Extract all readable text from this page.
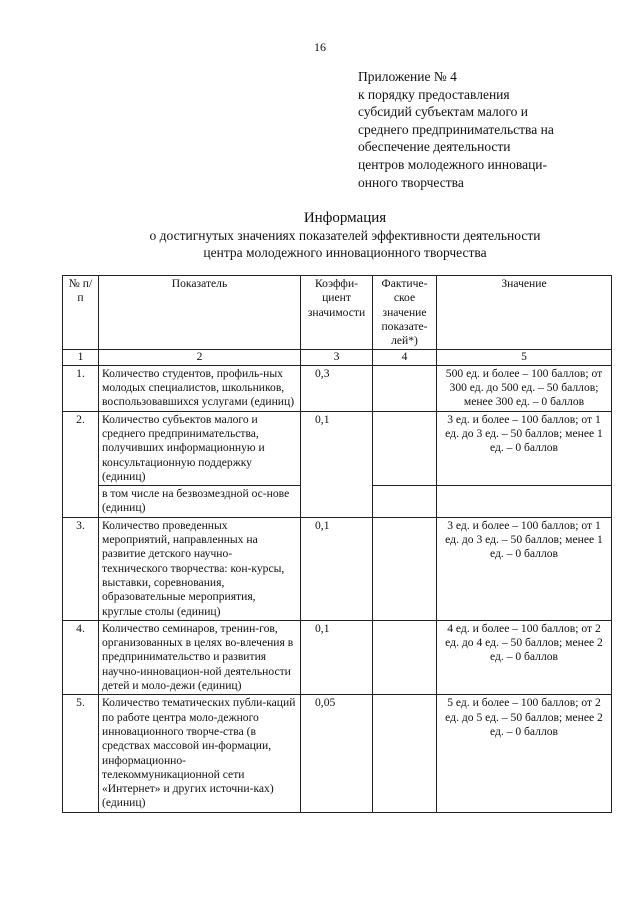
16
Приложение № 4
к порядку предоставления
субсидий субъектам малого и
среднего предпринимательства на
обеспечение деятельности
центров молодежного инноваци-
онного творчества
Информация
о достигнутых значениях показателей эффективности деятельности
центра молодежного инновационного творчества
№ п/п	Показатель	Коэффи-циент значимости	Фактиче-ское значение показате-лей*)	Значение
1	2	3	4	5
1.	Количество студентов, профиль-ных молодых специалистов, школьников, воспользовавшихся услугами (единиц)	0,3		500 ед. и более – 100 баллов; от 300 ед. до 500 ед. – 50 баллов; менее 300 ед. – 0 баллов
2.	Количество субъектов малого и среднего предпринимательства, получивших информационную и консультационную поддержку (единиц)	0,1		3 ед. и более – 100 баллов; от 1 ед. до 3 ед. – 50 баллов; менее 1 ед. – 0 баллов
	в том числе на безвозмездной ос-нове (единиц)			
3.	Количество проведенных мероприятий, направленных на развитие детского научно-технического творчества: кон-курсы, выставки, соревнования, образовательные мероприятия, круглые столы (единиц)	0,1		3 ед. и более – 100 баллов; от 1 ед. до 3 ед. – 50 баллов; менее 1 ед. – 0 баллов
4.	Количество семинаров, тренин-гов, организованных в целях во-влечения в предпринимательство и развития научно-инновацион-ной деятельности детей и моло-дежи (единиц)	0,1		4 ед. и более – 100 баллов; от 2 ед. до 4 ед. – 50 баллов; менее 2 ед. – 0 баллов
5.	Количество тематических публи-каций по работе центра моло-дежного инновационного творче-ства (в средствах массовой ин-формации, информационно-телекоммуникационной сети «Интернет» и других источни-ках) (единиц)	0,05		5 ед. и более – 100 баллов; от 2 ед. до 5 ед. – 50 баллов; менее 2 ед. – 0 баллов
